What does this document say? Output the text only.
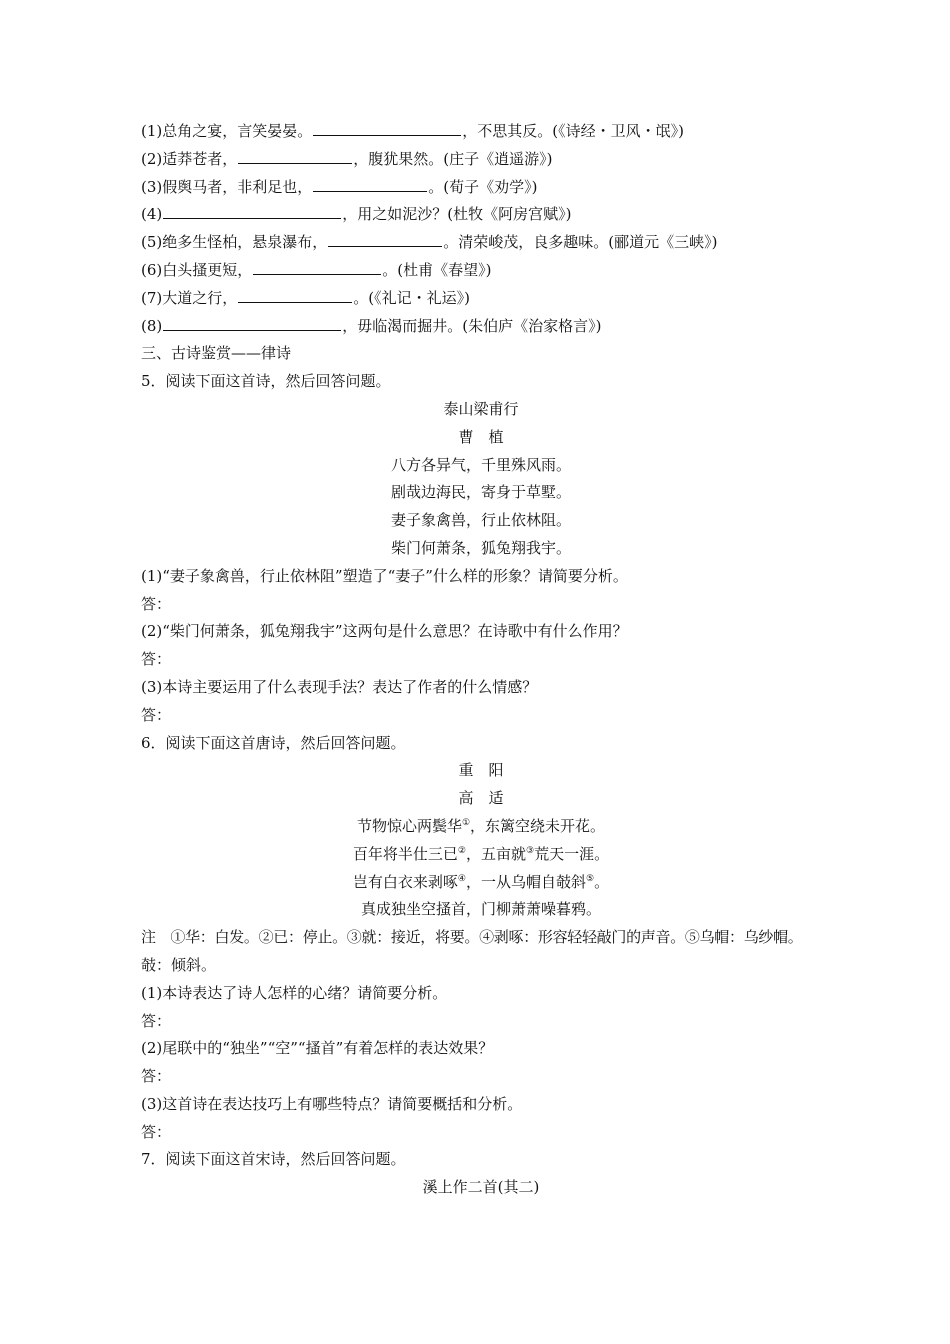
(1)总角之宴，言笑晏晏。	，不思其反。(《诗经・卫风・氓》)
(2)适莽苍者，	，腹犹果然。(庄子《逍遥游》)
(3)假舆马者，非利足也，	。(荀子《劝学》)
(4)	，用之如泥沙？(杜牧《阿房宫赋》)
(5)绝多生怪柏，悬泉瀑布，	。清荣峻茂，良多趣味。(郦道元《三峡》)
(6)白头搔更短，	。(杜甫《春望》)
(7)大道之行，	。(《礼记・礼运》)
(8)	，毋临渴而掘井。(朱伯庐《治家格言》)
三、古诗鉴赏——律诗
5．阅读下面这首诗，然后回答问题。
泰山梁甫行
曹　植
八方各异气，千里殊风雨。
剧哉边海民，寄身于草墅。
妻子象禽兽，行止依林阻。
柴门何萧条，狐兔翔我宇。
(1)“妻子象禽兽，行止依林阻”塑造了“妻子”什么样的形象？请简要分析。
答：
(2)“柴门何萧条，狐兔翔我宇”这两句是什么意思？在诗歌中有什么作用？
答：
(3)本诗主要运用了什么表现手法？表达了作者的什么情感？
答：
6．阅读下面这首唐诗，然后回答问题。
重　阳
高　适
节物惊心两鬓华①，东篱空绕未开花。
百年将半仕三已②，五亩就③荒天一涯。
岂有白衣来剥啄④，一从乌帽自攲斜⑤。
真成独坐空搔首，门柳萧萧噪暮鸦。
注　①华：白发。②已：停止。③就：接近，将要。④剥啄：形容轻轻敲门的声音。⑤乌帽：乌纱帽。
攲：倾斜。
(1)本诗表达了诗人怎样的心绪？请简要分析。
答：
(2)尾联中的“独坐”“空”“搔首”有着怎样的表达效果？
答：
(3)这首诗在表达技巧上有哪些特点？请简要概括和分析。
答：
7．阅读下面这首宋诗，然后回答问题。
溪上作二首(其二)
